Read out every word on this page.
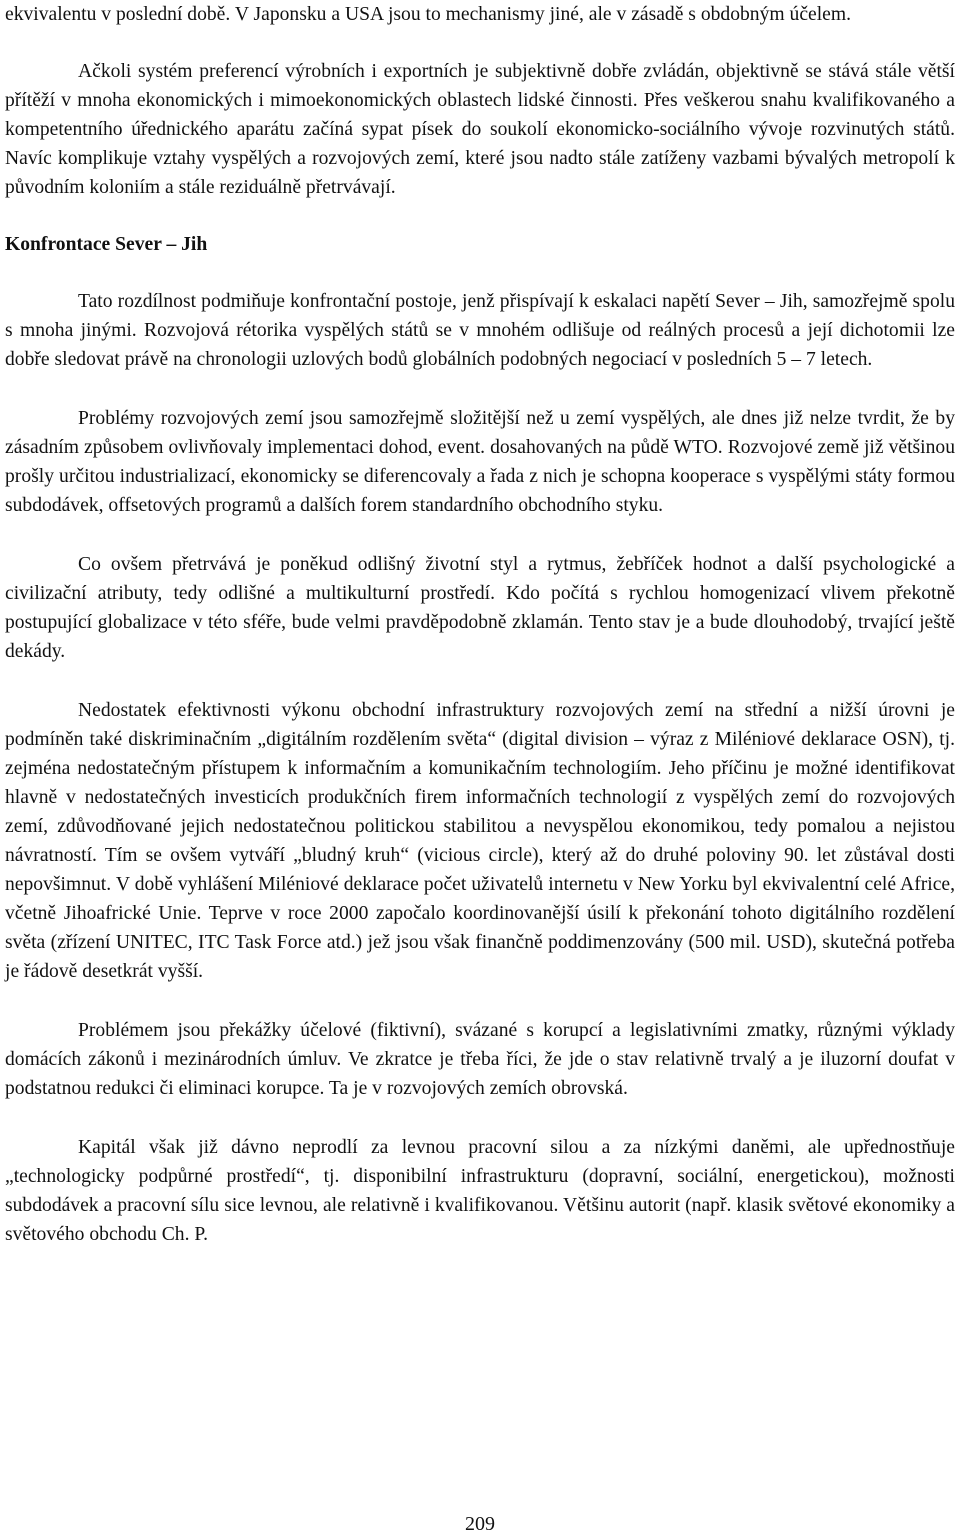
ekvivalentu v poslední době. V Japonsku a USA jsou to mechanismy jiné, ale v zásadě s obdobným účelem.

Ačkoli systém preferencí výrobních i exportních je subjektivně dobře zvládán, objektivně se stává stále větší přítěží v mnoha ekonomických i mimoekonomických oblastech lidské činnosti. Přes veškerou snahu kvalifikovaného a kompetentního úřednického aparátu začíná sypat písek do soukolí ekonomicko-sociálního vývoje rozvinutých států. Navíc komplikuje vztahy vyspělých a rozvojových zemí, které jsou nadto stále zatíženy vazbami bývalých metropolí k původním koloniím a stále reziduálně přetrvávají.

Konfrontace Sever – Jih

Tato rozdílnost podmiňuje konfrontační postoje, jenž přispívají k eskalaci napětí Sever – Jih, samozřejmě spolu s mnoha jinými. Rozvojová rétorika vyspělých států se v mnohém odlišuje od reálných procesů a její dichotomii lze dobře sledovat právě na chronologii uzlových bodů globálních podobných negociací v posledních 5 – 7 letech.

Problémy rozvojových zemí jsou samozřejmě složitější než u zemí vyspělých, ale dnes již nelze tvrdit, že by zásadním způsobem ovlivňovaly implementaci dohod, event. dosahovaných na půdě WTO. Rozvojové země již většinou prošly určitou industrializací, ekonomicky se diferencovaly a řada z nich je schopna kooperace s vyspělými státy formou subdodávek, offsetových programů a dalších forem standardního obchodního styku.

Co ovšem přetrvává je poněkud odlišný životní styl a rytmus, žebříček hodnot a další psychologické a civilizační atributy, tedy odlišné a multikulturní prostředí. Kdo počítá s rychlou homogenizací vlivem překotně postupující globalizace v této sféře, bude velmi pravděpodobně zklamán. Tento stav je a bude dlouhodobý, trvající ještě dekády.

Nedostatek efektivnosti výkonu obchodní infrastruktury rozvojových zemí na střední a nižší úrovni je podmíněn také diskriminačním „digitálním rozdělením světa“ (digital division – výraz z Miléniové deklarace OSN), tj. zejména nedostatečným přístupem k informačním a komunikačním technologiím. Jeho příčinu je možné identifikovat hlavně v nedostatečných investicích produkčních firem informačních technologií z vyspělých zemí do rozvojových zemí, zdůvodňované jejich nedostatečnou politickou stabilitou a nevyspělou ekonomikou, tedy pomalou a nejistou návratností. Tím se ovšem vytváří „bludný kruh“ (vicious circle), který až do druhé poloviny 90. let zůstával dosti nepovšimnut. V době vyhlášení Miléniové deklarace počet uživatelů internetu v New Yorku byl ekvivalentní celé Africe, včetně Jihoafrické Unie. Teprve v roce 2000 započalo koordinovanější úsilí k překonání tohoto digitálního rozdělení světa (zřízení UNITEC, ITC Task Force atd.) jež jsou však finančně poddimenzovány (500 mil. USD), skutečná potřeba je řádově desetkrát vyšší.

Problémem jsou překážky účelové (fiktivní), svázané s korupcí a legislativními zmatky, různými výklady domácích zákonů i mezinárodních úmluv. Ve zkratce je třeba říci, že jde o stav relativně trvalý a je iluzorní doufat v podstatnou redukci či eliminaci korupce. Ta je v rozvojových zemích obrovská.

Kapitál však již dávno neprodlí za levnou pracovní silou a za nízkými daněmi, ale upřednostňuje „technologicky podpůrné prostředí“, tj. disponibilní infrastrukturu (dopravní, sociální, energetickou), možnosti subdodávek a pracovní sílu sice levnou, ale relativně i kvalifikovanou. Většinu autorit (např. klasik světové ekonomiky a světového obchodu Ch. P.

209
